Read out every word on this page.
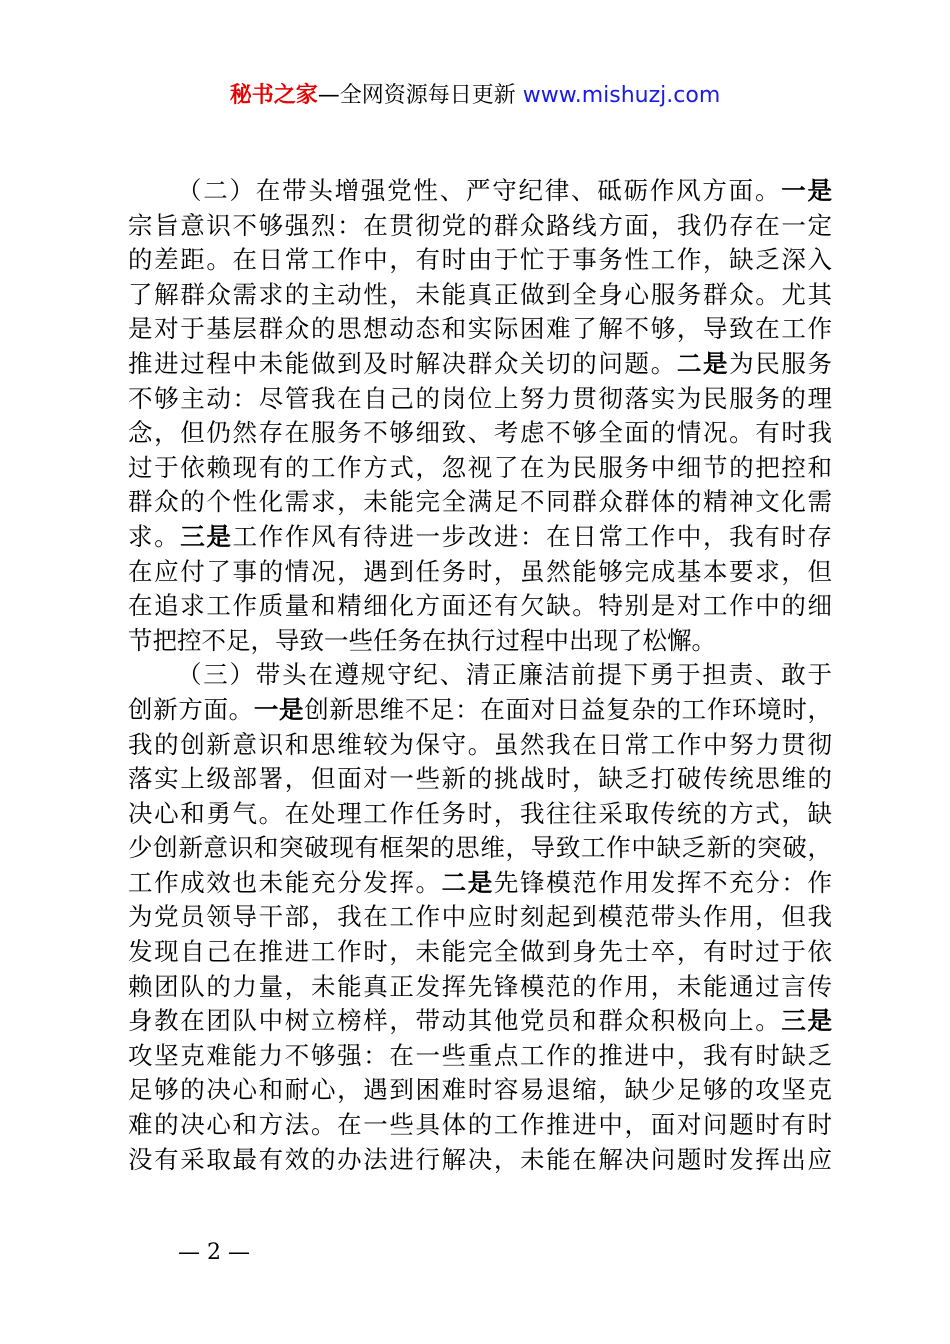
秘书之家—全网资源每日更新 www.mishuzj.com
（二）在带头增强党性、严守纪律、砥砺作风方面。一是
宗旨意识不够强烈：在贯彻党的群众路线方面，我仍存在一定
的差距。在日常工作中，有时由于忙于事务性工作，缺乏深入
了解群众需求的主动性，未能真正做到全身心服务群众。尤其
是对于基层群众的思想动态和实际困难了解不够，导致在工作
推进过程中未能做到及时解决群众关切的问题。二是为民服务
不够主动：尽管我在自己的岗位上努力贯彻落实为民服务的理
念，但仍然存在服务不够细致、考虑不够全面的情况。有时我
过于依赖现有的工作方式，忽视了在为民服务中细节的把控和
群众的个性化需求，未能完全满足不同群众群体的精神文化需
求。三是工作作风有待进一步改进：在日常工作中，我有时存
在应付了事的情况，遇到任务时，虽然能够完成基本要求，但
在追求工作质量和精细化方面还有欠缺。特别是对工作中的细
节把控不足，导致一些任务在执行过程中出现了松懈。
（三）带头在遵规守纪、清正廉洁前提下勇于担责、敢于
创新方面。一是创新思维不足：在面对日益复杂的工作环境时，
我的创新意识和思维较为保守。虽然我在日常工作中努力贯彻
落实上级部署，但面对一些新的挑战时，缺乏打破传统思维的
决心和勇气。在处理工作任务时，我往往采取传统的方式，缺
少创新意识和突破现有框架的思维，导致工作中缺乏新的突破，
工作成效也未能充分发挥。二是先锋模范作用发挥不充分：作
为党员领导干部，我在工作中应时刻起到模范带头作用，但我
发现自己在推进工作时，未能完全做到身先士卒，有时过于依
赖团队的力量，未能真正发挥先锋模范的作用，未能通过言传
身教在团队中树立榜样，带动其他党员和群众积极向上。三是
攻坚克难能力不够强：在一些重点工作的推进中，我有时缺乏
足够的决心和耐心，遇到困难时容易退缩，缺少足够的攻坚克
难的决心和方法。在一些具体的工作推进中，面对问题时有时
没有采取最有效的办法进行解决，未能在解决问题时发挥出应
— 2 —
